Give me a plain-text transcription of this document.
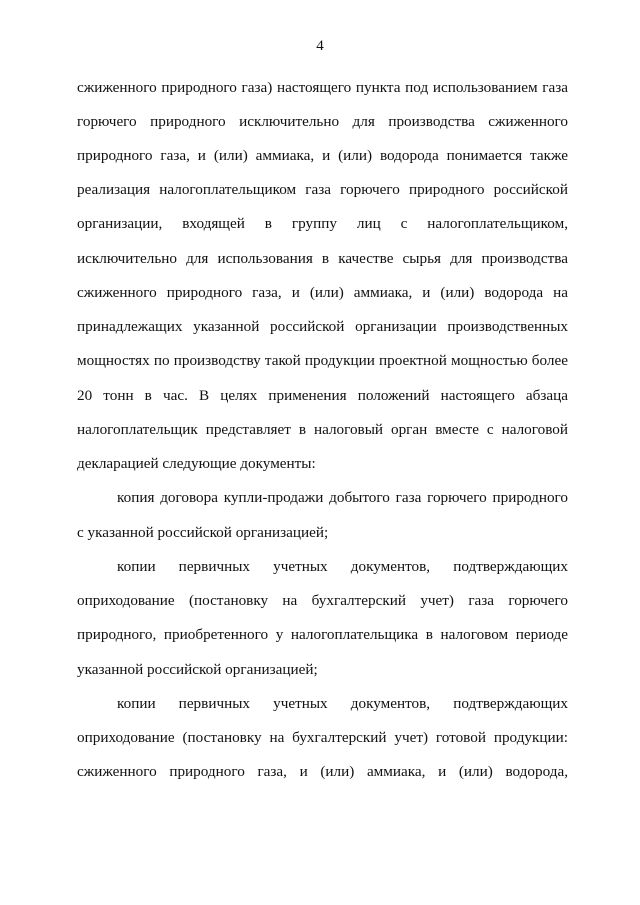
4
сжиженного природного газа) настоящего пункта под использованием газа
горючего природного исключительно для производства сжиженного
природного газа, и (или) аммиака, и (или) водорода понимается также
реализация налогоплательщиком газа горючего природного российской
организации, входящей в группу лиц с налогоплательщиком,
исключительно для использования в качестве сырья для производства
сжиженного природного газа, и (или) аммиака, и (или) водорода на
принадлежащих указанной российской организации производственных
мощностях по производству такой продукции проектной мощностью более
20 тонн в час. В целях применения положений настоящего абзаца
налогоплательщик представляет в налоговый орган вместе с налоговой
декларацией следующие документы:
копия договора купли-продажи добытого газа горючего природного
с указанной российской организацией;
копии первичных учетных документов, подтверждающих
оприходование (постановку на бухгалтерский учет) газа горючего
природного, приобретенного у налогоплательщика в налоговом периоде
указанной российской организацией;
копии первичных учетных документов, подтверждающих
оприходование (постановку на бухгалтерский учет) готовой продукции:
сжиженного природного газа, и (или) аммиака, и (или) водорода,
